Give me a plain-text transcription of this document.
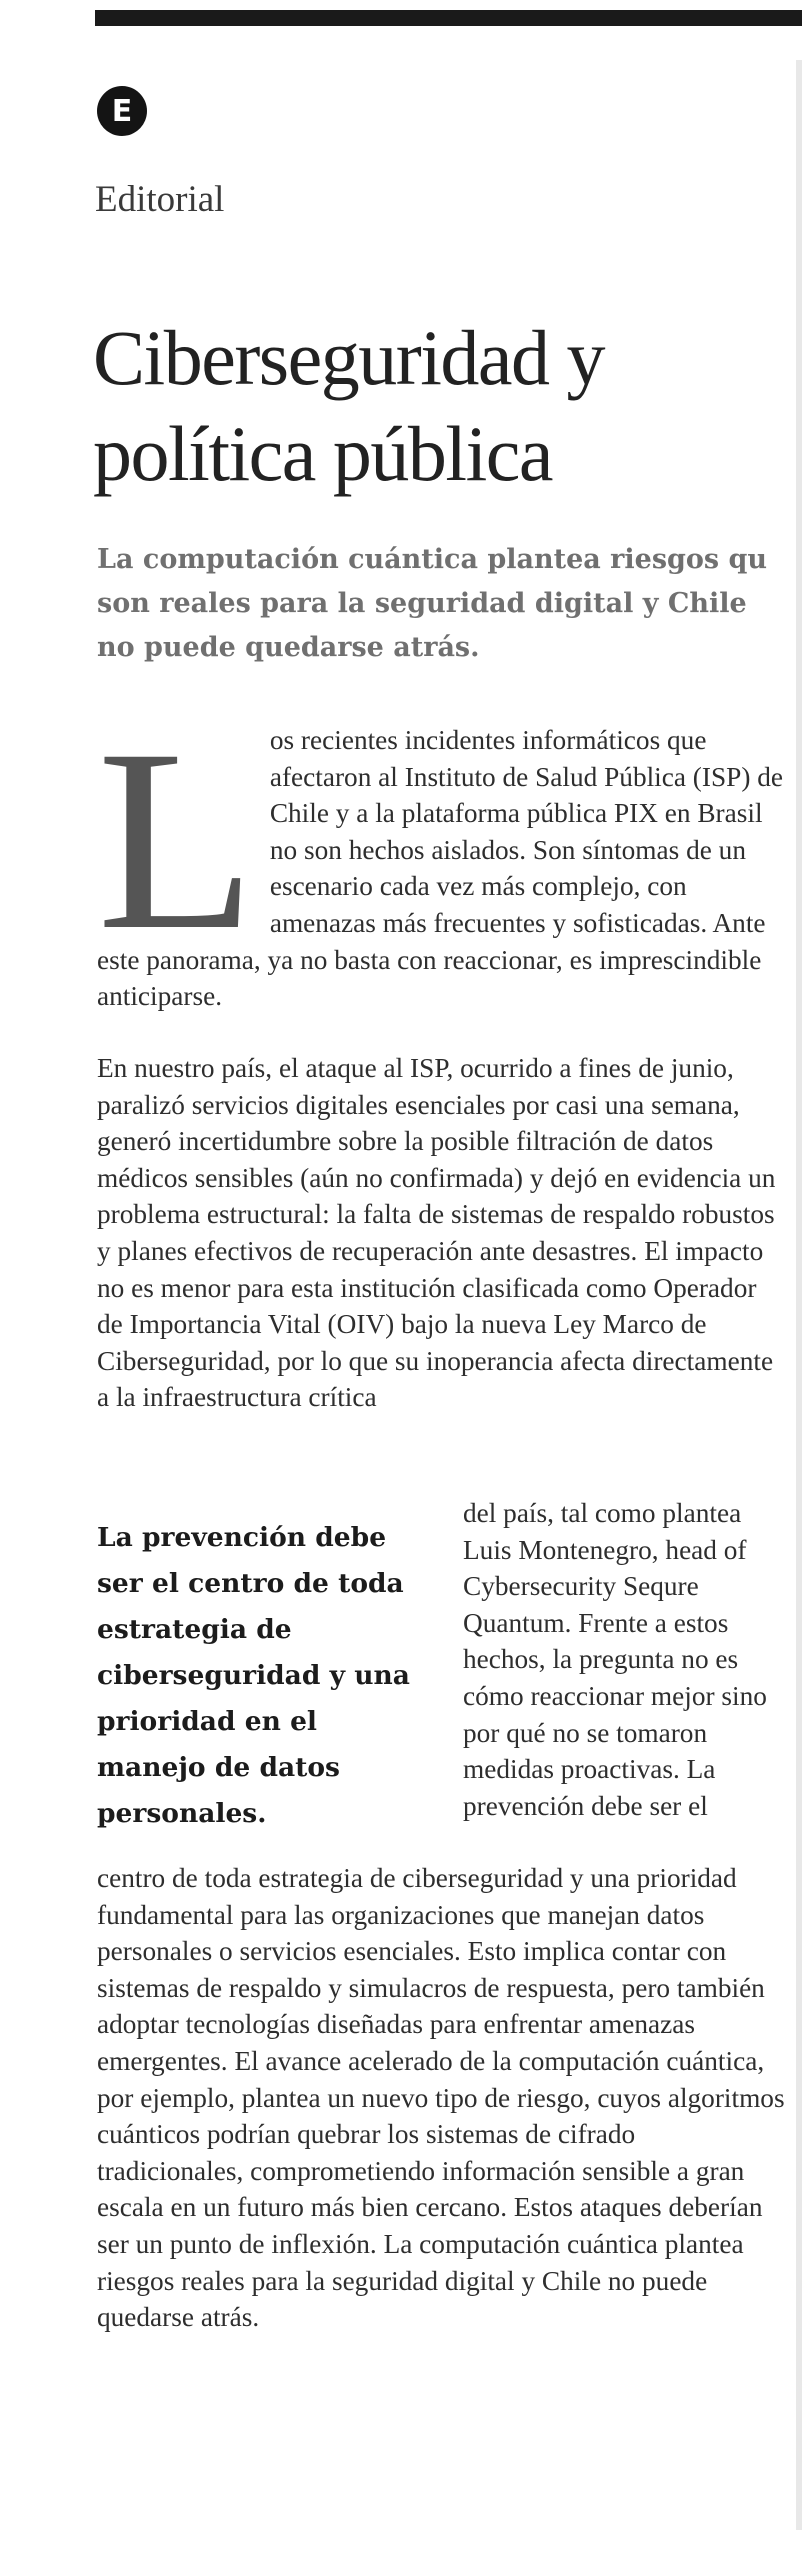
E
Editorial
Ciberseguridad y política pública

La computación cuántica plantea riesgos qu son reales para la seguridad digital y Chile no puede quedarse atrás.

Los recientes incidentes informáticos que afectaron al Instituto de Salud Pública (ISP) de Chile y a la plataforma pública PIX en Brasil no son hechos aislados. Son síntomas de un escenario cada vez más complejo, con amenazas más frecuentes y sofisticadas. Ante este panorama, ya no basta con reaccionar, es imprescindible anticiparse.

En nuestro país, el ataque al ISP, ocurrido a fines de junio, paralizó servicios digitales esenciales por casi una semana, generó incertidumbre sobre la posible filtración de datos médicos sensibles (aún no confirmada) y dejó en evidencia un problema estructural: la falta de sistemas de respaldo robustos y planes efectivos de recuperación ante desastres. El impacto no es menor para esta institución clasificada como Operador de Importancia Vital (OIV) bajo la nueva Ley Marco de Ciberseguridad, por lo que su inoperancia afecta directamente a la infraestructura crítica

La prevención debe ser el centro de toda estrategia de ciberseguridad y una prioridad en el manejo de datos personales.

del país, tal como plantea Luis Montenegro, head of Cybersecurity Sequre Quantum. Frente a estos hechos, la pregunta no es cómo reaccionar mejor sino por qué no se tomaron medidas proactivas. La prevención debe ser el

centro de toda estrategia de ciberseguridad y una prioridad fundamental para las organizaciones que manejan datos personales o servicios esenciales. Esto implica contar con sistemas de respaldo y simulacros de respuesta, pero también adoptar tecnologías diseñadas para enfrentar amenazas emergentes. El avance acelerado de la computación cuántica, por ejemplo, plantea un nuevo tipo de riesgo, cuyos algoritmos cuánticos podrían quebrar los sistemas de cifrado tradicionales, comprometiendo información sensible a gran escala en un futuro más bien cercano. Estos ataques deberían ser un punto de inflexión. La computación cuántica plantea riesgos reales para la seguridad digital y Chile no puede quedarse atrás.
